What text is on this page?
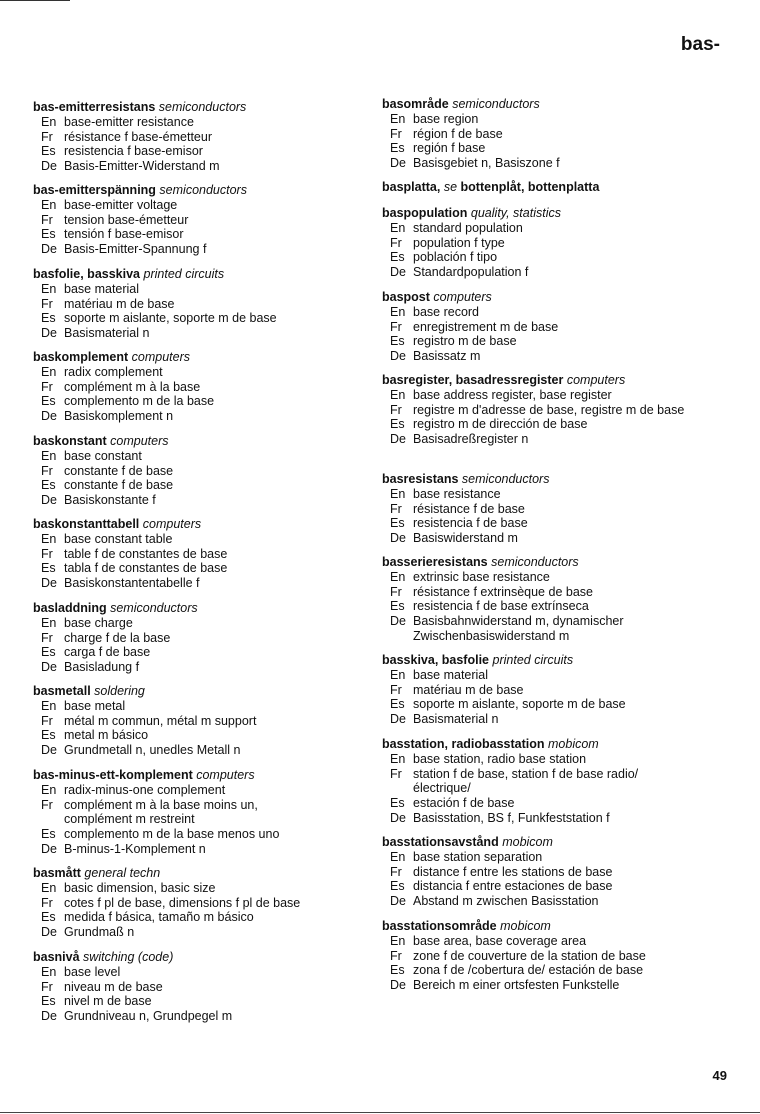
bas-
bas-emitterresistans semiconductors
En base-emitter resistance
Fr résistance f base-émetteur
Es resistencia f base-emisor
De Basis-Emitter-Widerstand m
bas-emitterspänning semiconductors
En base-emitter voltage
Fr tension base-émetteur
Es tensión f base-emisor
De Basis-Emitter-Spannung f
basfolie, basskiva printed circuits
En base material
Fr matériau m de base
Es soporte m aislante, soporte m de base
De Basismaterial n
baskomplement computers
En radix complement
Fr complément m à la base
Es complemento m de la base
De Basiskomplement n
baskonstant computers
En base constant
Fr constante f de base
Es constante f de base
De Basiskonstante f
baskonstanttabell computers
En base constant table
Fr table f de constantes de base
Es tabla f de constantes de base
De Basiskonstantentabelle f
basladdning semiconductors
En base charge
Fr charge f de la base
Es carga f de base
De Basisladung f
basmetall soldering
En base metal
Fr métal m commun, métal m support
Es metal m básico
De Grundmetall n, unedles Metall n
bas-minus-ett-komplement computers
En radix-minus-one complement
Fr complément m à la base moins un, complément m restreint
Es complemento m de la base menos uno
De B-minus-1-Komplement n
basmått general techn
En basic dimension, basic size
Fr cotes f pl de base, dimensions f pl de base
Es medida f básica, tamaño m básico
De Grundmaß n
basnivå switching (code)
En base level
Fr niveau m de base
Es nivel m de base
De Grundniveau n, Grundpegel m
basområde semiconductors
En base region
Fr région f de base
Es región f base
De Basisgebiet n, Basiszone f
basplatta, se bottenplåt, bottenplatta
baspopulation quality, statistics
En standard population
Fr population f type
Es población f tipo
De Standardpopulation f
baspost computers
En base record
Fr enregistrement m de base
Es registro m de base
De Basissatz m
basregister, basadressregister computers
En base address register, base register
Fr registre m d'adresse de base, registre m de base
Es registro m de dirección de base
De Basisadreßregister n
basresistans semiconductors
En base resistance
Fr résistance f de base
Es resistencia f de base
De Basiswiderstand m
basserieresistans semiconductors
En extrinsic base resistance
Fr résistance f extrinsèque de base
Es resistencia f de base extrínseca
De Basisbahnwiderstand m, dynamischer Zwischenbasiswiderstand m
basskiva, basfolie printed circuits
En base material
Fr matériau m de base
Es soporte m aislante, soporte m de base
De Basismaterial n
basstation, radiobasstation mobicom
En base station, radio base station
Fr station f de base, station f de base radio/électrique/
Es estación f de base
De Basisstation, BS f, Funkfeststation f
basstationsavstånd mobicom
En base station separation
Fr distance f entre les stations de base
Es distancia f entre estaciones de base
De Abstand m zwischen Basisstation
basstationsområde mobicom
En base area, base coverage area
Fr zone f de couverture de la station de base
Es zona f de /cobertura de/ estación de base
De Bereich m einer ortsfesten Funkstelle
49
